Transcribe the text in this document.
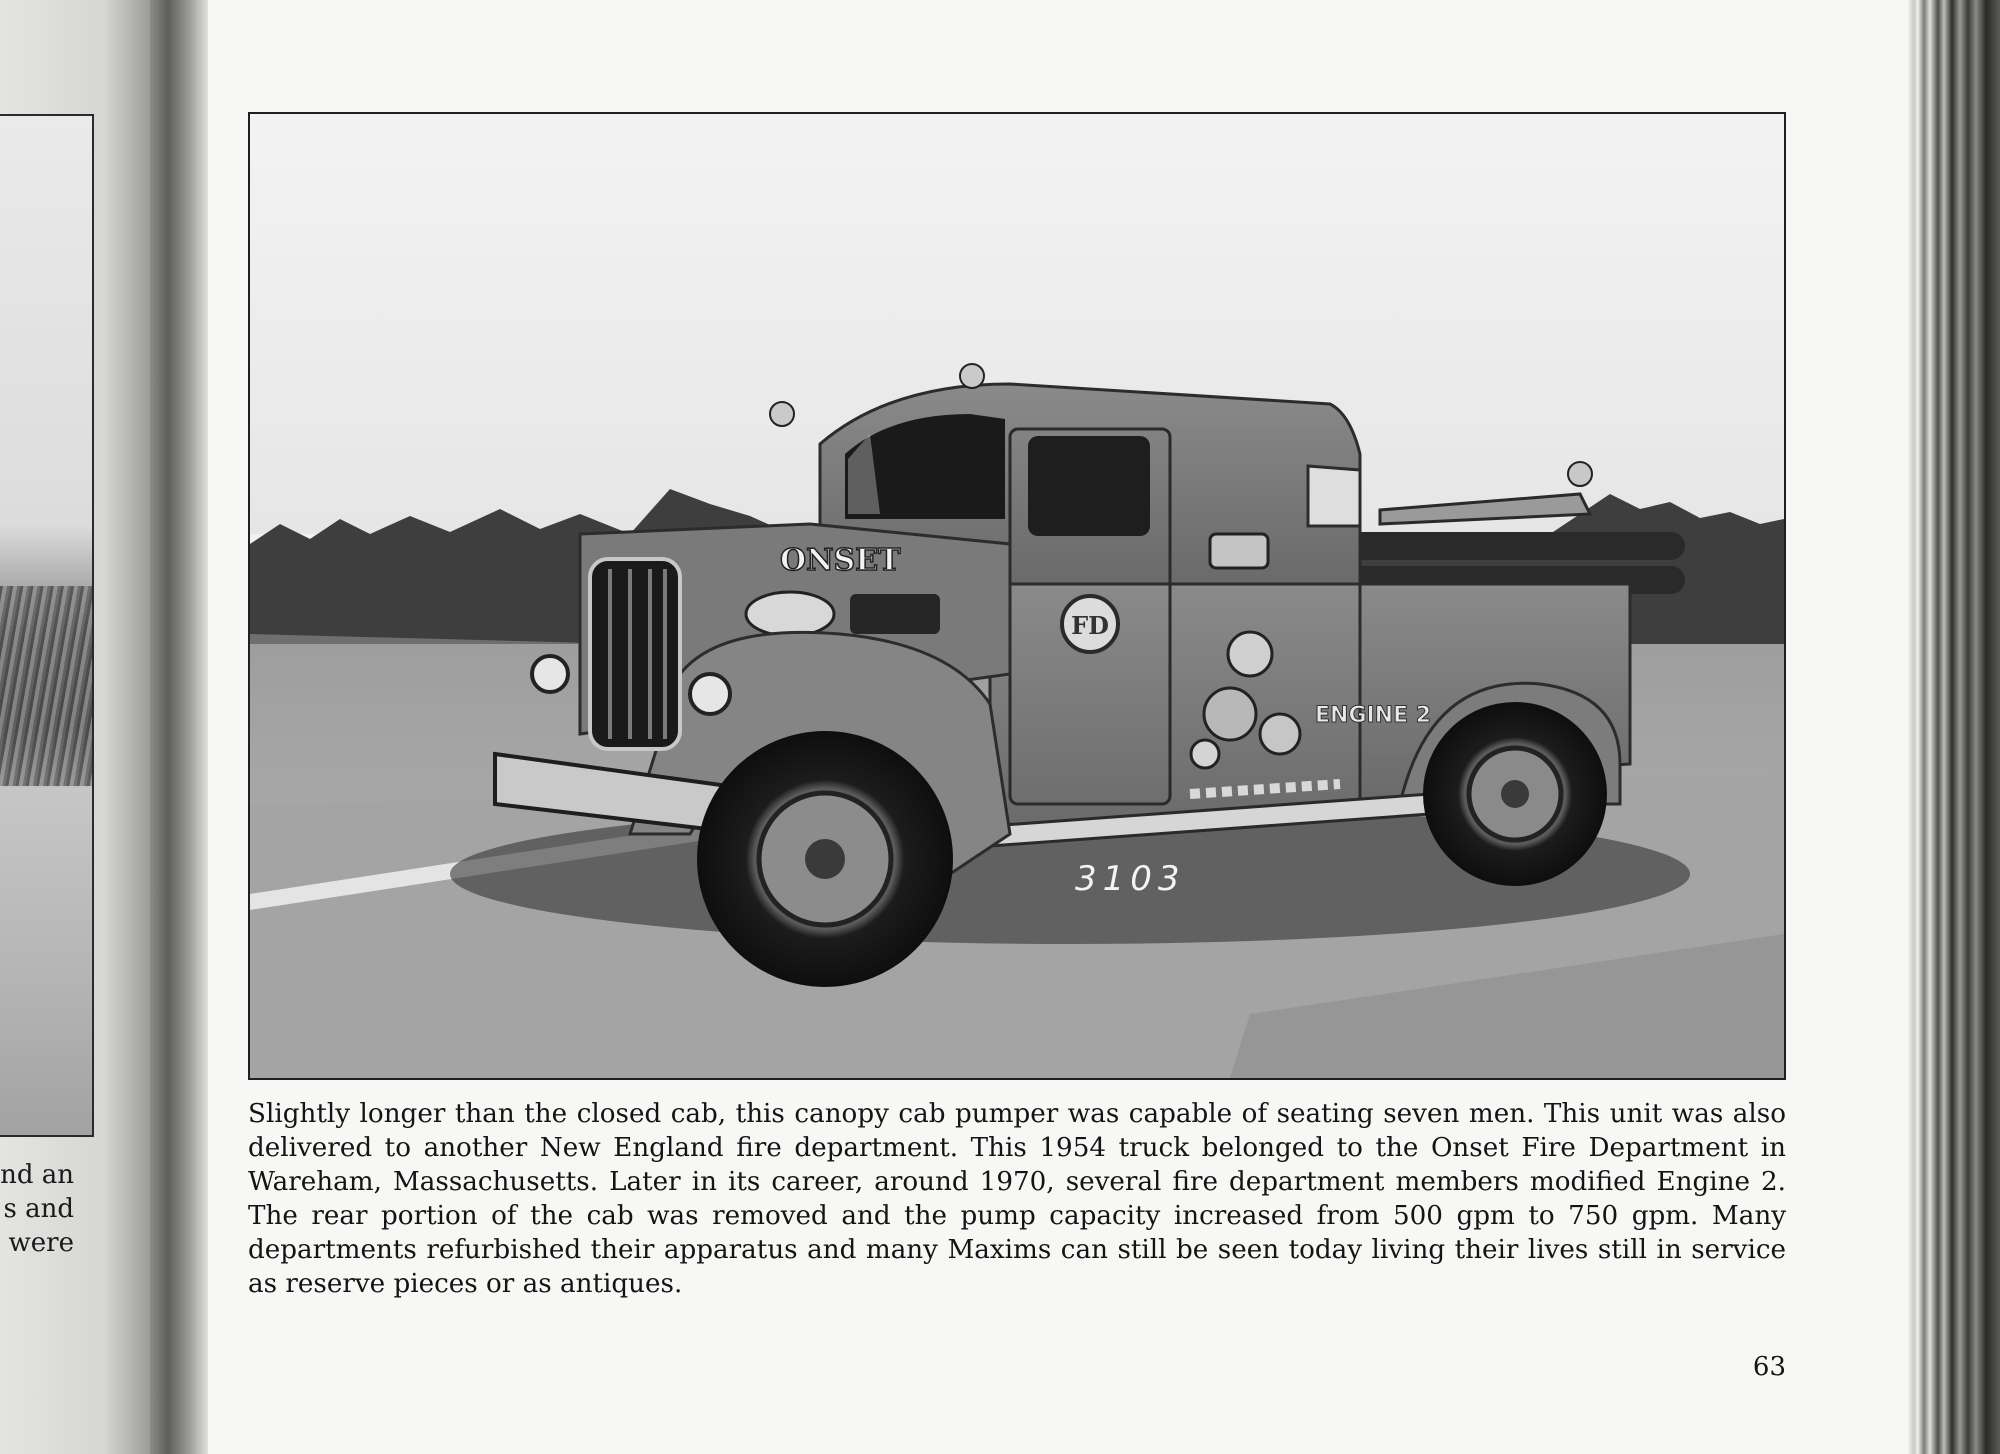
nd an
s and
were
FD
ENGINE 2
ONSET
3103

Slightly longer than the closed cab, this canopy cab pumper was capable of seating seven men. This unit was also delivered to another New England fire department. This 1954 truck belonged to the Onset Fire Department in Wareham, Massachusetts. Later in its career, around 1970, several fire department members modified Engine 2. The rear portion of the cab was removed and the pump capacity increased from 500 gpm to 750 gpm. Many departments refurbished their apparatus and many Maxims can still be seen today living their lives still in service as reserve pieces or as antiques.

63
